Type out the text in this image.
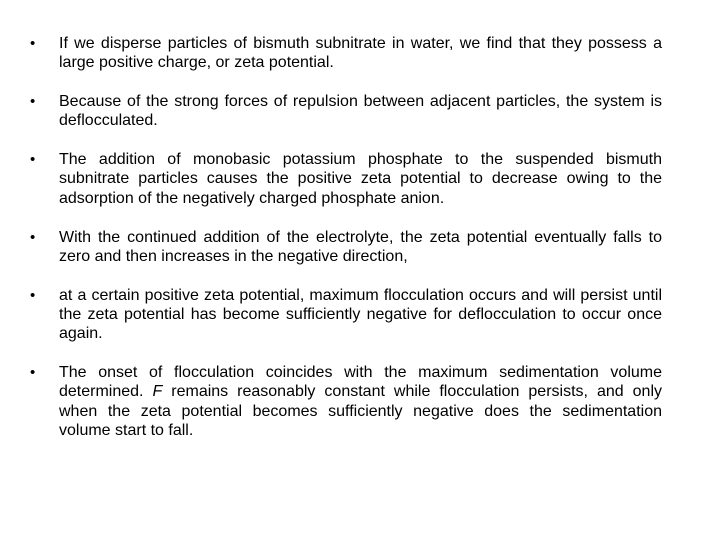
• If we disperse particles of bismuth subnitrate in water, we find that they possess a large positive charge, or zeta potential.
• Because of the strong forces of repulsion between adjacent particles, the system is deflocculated.
• The addition of monobasic potassium phosphate to the suspended bismuth subnitrate particles causes the positive zeta potential to decrease owing to the adsorption of the negatively charged phosphate anion.
• With the continued addition of the electrolyte, the zeta potential eventually falls to zero and then increases in the negative direction,
• at a certain positive zeta potential, maximum flocculation occurs and will persist until the zeta potential has become sufficiently negative for deflocculation to occur once again.
• The onset of flocculation coincides with the maximum sedimentation volume determined. F remains reasonably constant while flocculation persists, and only when the zeta potential becomes sufficiently negative does the sedimentation volume start to fall.
